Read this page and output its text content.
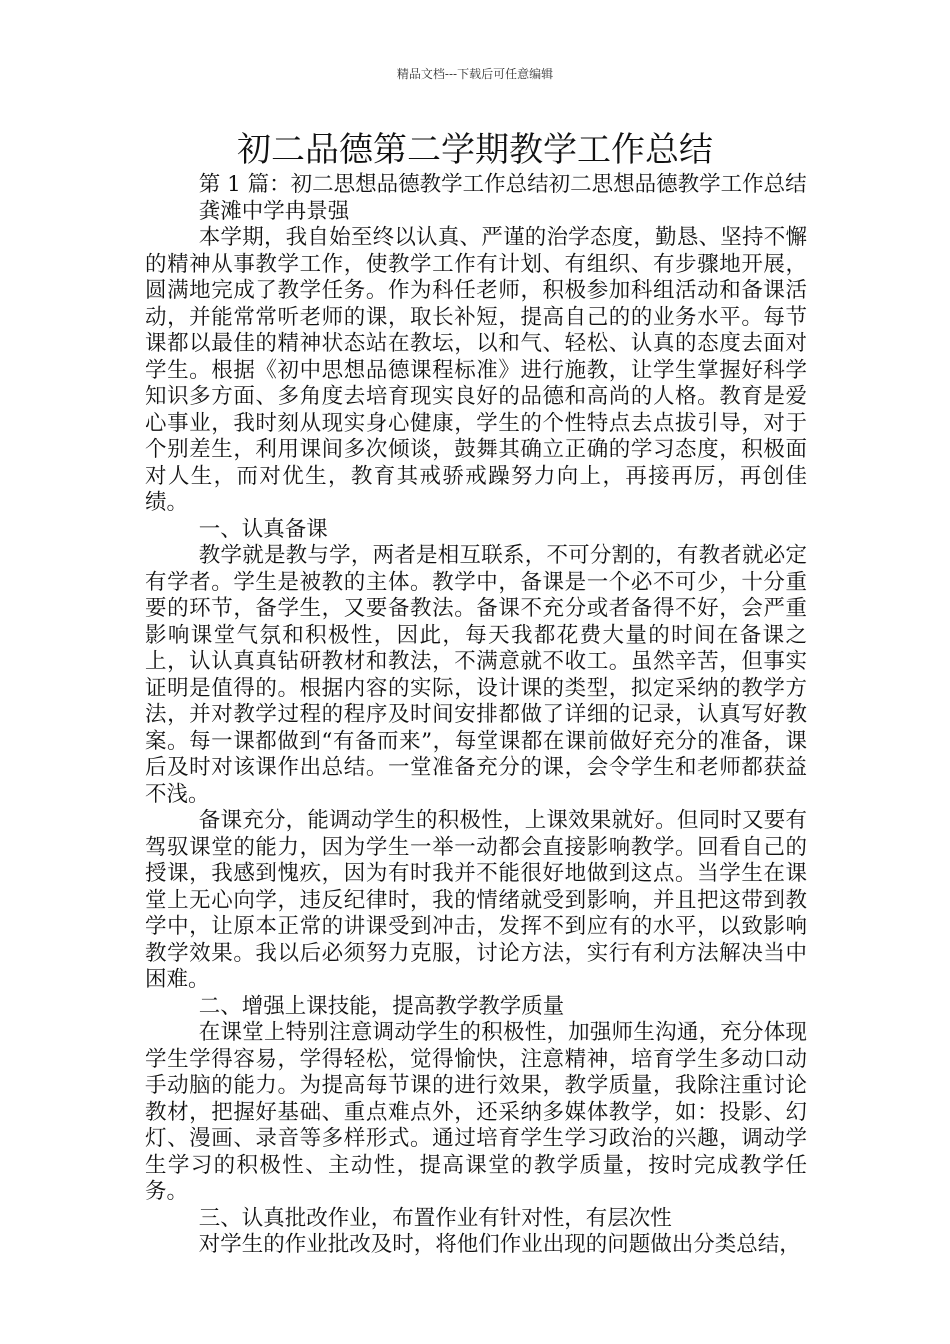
精品文档---下载后可任意编辑
初二品德第二学期教学工作总结

第 1 篇：初二思想品德教学工作总结初二思想品德教学工作总结

龚滩中学冉景强

本学期，我自始至终以认真、严谨的治学态度，勤恳、坚持不懈的精神从事教学工作，使教学工作有计划、有组织、有步骤地开展，圆满地完成了教学任务。作为科任老师，积极参加科组活动和备课活动，并能常常听老师的课，取长补短，提高自己的的业务水平。每节课都以最佳的精神状态站在教坛，以和气、轻松、认真的态度去面对学生。根据《初中思想品德课程标准》进行施教，让学生掌握好科学知识多方面、多角度去培育现实良好的品德和高尚的人格。教育是爱心事业，我时刻从现实身心健康，学生的个性特点去点拔引导，对于个别差生，利用课间多次倾谈，鼓舞其确立正确的学习态度，积极面对人生，而对优生，教育其戒骄戒躁努力向上，再接再厉，再创佳绩。

一、认真备课

教学就是教与学，两者是相互联系，不可分割的，有教者就必定有学者。学生是被教的主体。教学中，备课是一个必不可少，十分重要的环节，备学生，又要备教法。备课不充分或者备得不好，会严重影响课堂气氛和积极性，因此，每天我都花费大量的时间在备课之上，认认真真钻研教材和教法，不满意就不收工。虽然辛苦，但事实证明是值得的。根据内容的实际，设计课的类型，拟定采纳的教学方法，并对教学过程的程序及时间安排都做了详细的记录，认真写好教案。每一课都做到“有备而来”，每堂课都在课前做好充分的准备，课后及时对该课作出总结。一堂准备充分的课，会令学生和老师都获益不浅。

备课充分，能调动学生的积极性，上课效果就好。但同时又要有驾驭课堂的能力，因为学生一举一动都会直接影响教学。回看自己的授课，我感到愧疚，因为有时我并不能很好地做到这点。当学生在课堂上无心向学，违反纪律时，我的情绪就受到影响，并且把这带到教学中，让原本正常的讲课受到冲击，发挥不到应有的水平，以致影响教学效果。我以后必须努力克服，讨论方法，实行有利方法解决当中困难。

二、增强上课技能，提高教学教学质量

在课堂上特别注意调动学生的积极性，加强师生沟通，充分体现学生学得容易，学得轻松，觉得愉快，注意精神，培育学生多动口动手动脑的能力。为提高每节课的进行效果，教学质量，我除注重讨论教材，把握好基础、重点难点外，还采纳多媒体教学，如：投影、幻灯、漫画、录音等多样形式。通过培育学生学习政治的兴趣，调动学生学习的积极性、主动性，提高课堂的教学质量，按时完成教学任务。

三、认真批改作业，布置作业有针对性，有层次性

对学生的作业批改及时，将他们作业出现的问题做出分类总结，
